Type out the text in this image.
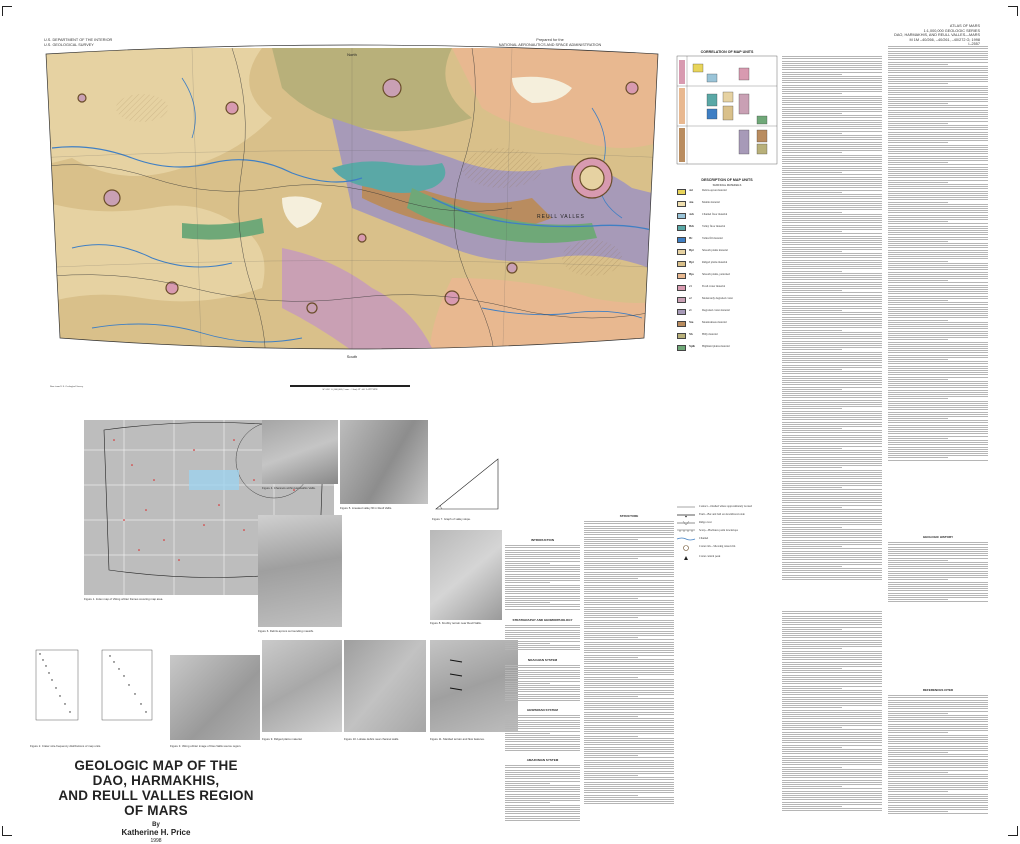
U.S. DEPARTMENT OF THE INTERIOR
U.S. GEOLOGICAL SURVEY
Prepared for the
NATIONAL AERONAUTICS AND SPACE ADMINISTRATION
ATLAS OF MARS
1:1,000,000 GEOLOGIC SERIES
DAO, HARMAKHIS, AND REULL VALLES—MARS
M 1M –40/266, –40/261, –40/272 G; 1998
I–2557
North
South
REULL VALLES
SCALE 1:1,000,000 (1 mm = 1 km) AT –40° LATITUDE
Base from U.S. Geological Survey
CORRELATION OF MAP UNITS
DESCRIPTION OF MAP UNITS
SURFICIAL MATERIALS
Ad	Debris-apron material
Am	Mantle material
Ach	Channel floor material
Hch	Valley floor material
Hv	Valles fill material
Hpl	Smooth plains material
Hpr	Ridged plains material
Hps	Smooth plains, patterned
c3	Fresh crater material
c2	Moderately degraded crater
c1	Degraded crater material
Nm	Mountainous material
Nh	Hilly material
Nplh	Highland plains material
GEOLOGIC HISTORY
REFERENCES CITED
Contact—Dashed where approximately located
Fault—Bar and ball on downthrown side
Ridge crest
Scarp—Hachures point downslope
Channel
Crater rim—Showing raised rim
Crater central peak
Figure 1. Index map of Viking orbiter frames covering map area.
Figure 2. Crater size-frequency distributions of map units.	Figure 3. Viking orbiter image of Dao Vallis source region.
Figure 4. Channels within Harmakhis Vallis.
Figure 5. Lineated valley fill in Reull Vallis.
Figure 6. Debris aprons surrounding massifs.
Figure 7. Graph of valley slope.
Figure 8. Knobby terrain near Reull Vallis.
Figure 9. Ridged plains material.	Figure 10. Lobate debris near channel walls.	Figure 11. Mantled terrain and flow features.
INTRODUCTION
STRATIGRAPHY AND GEOMORPHOLOGY
NOACHIAN SYSTEM
HESPERIAN SYSTEM
AMAZONIAN SYSTEM
STRUCTURE
GEOLOGIC MAP OF THE DAO, HARMAKHIS,
AND REULL VALLES REGION OF MARS
By
Katherine H. Price
1998
